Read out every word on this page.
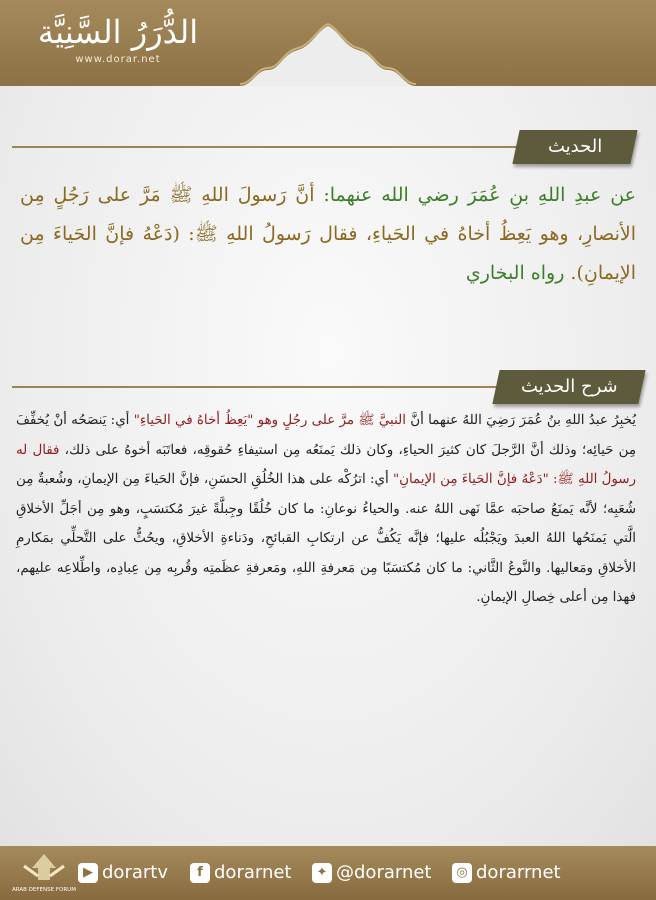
الدُّرَرُ السَّنِيَّة
www.dorar.net
الحديث
عن عبدِ اللهِ بنِ عُمَرَ رضي الله عنهما: أنَّ رَسولَ اللهِ ﷺ مَرَّ على رَجُلٍ مِن الأنصارِ، وهو يَعِظُ أخاهُ في الحَياءِ، فقال رَسولُ اللهِ ﷺ: (دَعْهُ فإنَّ الحَياءَ مِن الإيمانِ). رواه البخاري
شرح الحديث
يُخبِرُ عبدُ اللهِ بنُ عُمَرَ رَضِيَ اللهُ عنهما أنَّ النبيَّ ﷺ مرَّ على رجُلٍ وهو "يَعِظُ أخاهُ في الحَياءِ" أي: يَنصَحُه أنْ يُخفِّفَ مِن حَيائِه؛ وذلك أنَّ الرَّجلَ كان كثيرَ الحياءِ، وكان ذلك يَمنَعُه مِن استيفاءِ حُقوقِه، فعاتَبَه أخوهُ على ذلك، فقال له رسولُ اللهِ ﷺ: "دَعْهُ فإنَّ الحَياءَ مِن الإيمانِ" أي: اترُكْه على هذا الخُلُقِ الحسَنِ، فإنَّ الحَياءَ مِن الإيمانِ، وشُعبةٌ مِن شُعَبِه؛ لأنَّه يَمنَعُ صاحبَه عمَّا نَهى اللهُ عنه. والحياءُ نوعانِ: ما كان خُلُقًا وجِبلَّةً غيرَ مُكتسَبٍ، وهو مِن أجَلِّ الأخلاقِ الَّتي يَمنَحُها اللهُ العبدَ ويَجْبُلُه عليها؛ فإنَّه يَكُفُّ عن ارتكابِ القبائحِ، ودَناءةِ الأخلاقِ، ويحُثُّ على التَّحلِّي بمَكارمِ الأخلاقِ ومَعاليها. والنَّوعُ الثَّاني: ما كان مُكتسَبًا مِن مَعرفةِ اللهِ، ومَعرفةِ عظَمتِه وقُربِه مِن عِبادِه، واطِّلاعِه عليهم، فهذا مِن أعلى خِصالِ الإيمانِ.
ARAB DEFENSE FORUM
▶ dorartv	f dorarnet	✦ @dorarnet	◎ dorarrnet
